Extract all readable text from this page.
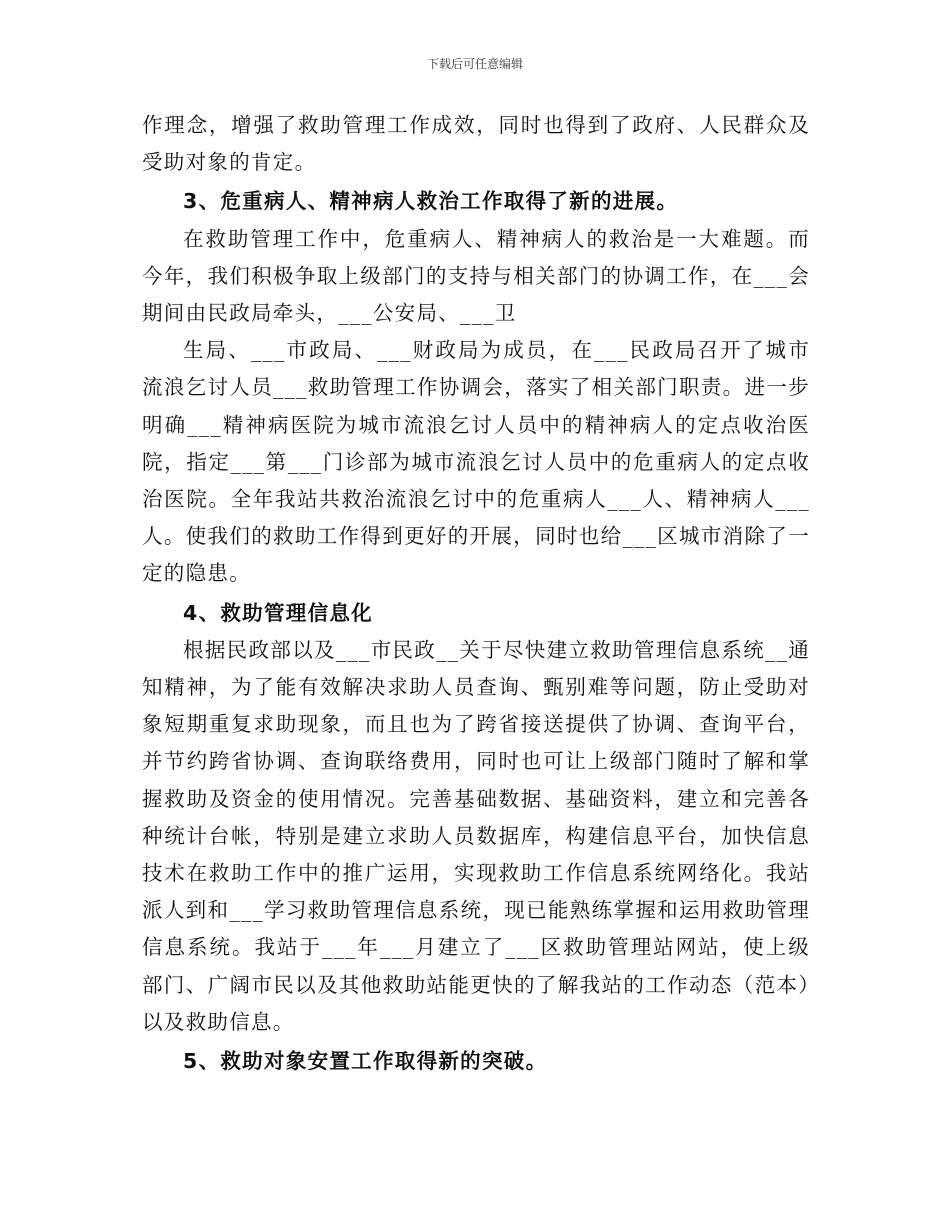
下载后可任意编辑

作理念，增强了救助管理工作成效，同时也得到了政府、人民群众及受助对象的肯定。

3、危重病人、精神病人救治工作取得了新的进展。

在救助管理工作中，危重病人、精神病人的救治是一大难题。而今年，我们积极争取上级部门的支持与相关部门的协调工作，在___会期间由民政局牵头，___公安局、___卫

生局、___市政局、___财政局为成员，在___民政局召开了城市流浪乞讨人员___救助管理工作协调会，落实了相关部门职责。进一步明确___精神病医院为城市流浪乞讨人员中的精神病人的定点收治医院，指定___第___门诊部为城市流浪乞讨人员中的危重病人的定点收治医院。全年我站共救治流浪乞讨中的危重病人___人、精神病人___人。使我们的救助工作得到更好的开展，同时也给___区城市消除了一定的隐患。

4、救助管理信息化

根据民政部以及___市民政__关于尽快建立救助管理信息系统__通知精神，为了能有效解决求助人员查询、甄别难等问题，防止受助对象短期重复求助现象，而且也为了跨省接送提供了协调、查询平台，并节约跨省协调、查询联络费用，同时也可让上级部门随时了解和掌握救助及资金的使用情况。完善基础数据、基础资料，建立和完善各种统计台帐，特别是建立求助人员数据库，构建信息平台，加快信息技术在救助工作中的推广运用，实现救助工作信息系统网络化。我站派人到和___学习救助管理信息系统，现已能熟练掌握和运用救助管理信息系统。我站于___年___月建立了___区救助管理站网站，使上级部门、广阔市民以及其他救助站能更快的了解我站的工作动态（范本）以及救助信息。

5、救助对象安置工作取得新的突破。
